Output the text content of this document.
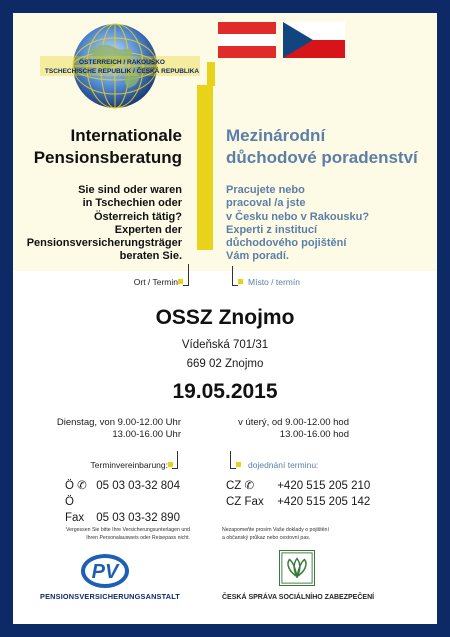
ÖSTERREICH / RAKOUSKO
TSCHECHISCHE REPUBLIK / ČESKÁ REPUBLIKA
Internationale
Pensionsberatung
Mezinárodní
důchodové poradenství
Sie sind oder waren
in Tschechien oder
Österreich tätig?
Experten der
Pensionsversicherungsträger
beraten Sie.
Pracujete nebo
pracoval /a jste
v Česku nebo v Rakousku?
Experti z institucí
důchodového pojištění
Vám poradí.
Ort / Termin	Místo / termín
OSSZ Znojmo
Vídeňská 701/31
669 02 Znojmo
19.05.2015
Dienstag, von 9.00-12.00 Uhr
13.00-16.00 Uhr
v úterý, od 9.00-12.00 hod
13.00-16.00 hod
Terminvereinbarung:	dojednání terminu:
Ö ✆ 05 03 03-32 804
Ö Fax 05 03 03-32 890
CZ ✆ +420 515 205 210
CZ Fax +420 515 205 142
Vergessen Sie bitte Ihre Versicherungsunterlagen und
Ihren Personalausweis oder Reisepass nicht.
Nezapomeňte prosím Vaše doklady o pojištění
a občanský průkaz nebo cestovní pas.
PV
PENSIONSVERSICHERUNGSANSTALT	ČESKÁ SPRÁVA SOCIÁLNÍHO ZABEZPEČENÍ
